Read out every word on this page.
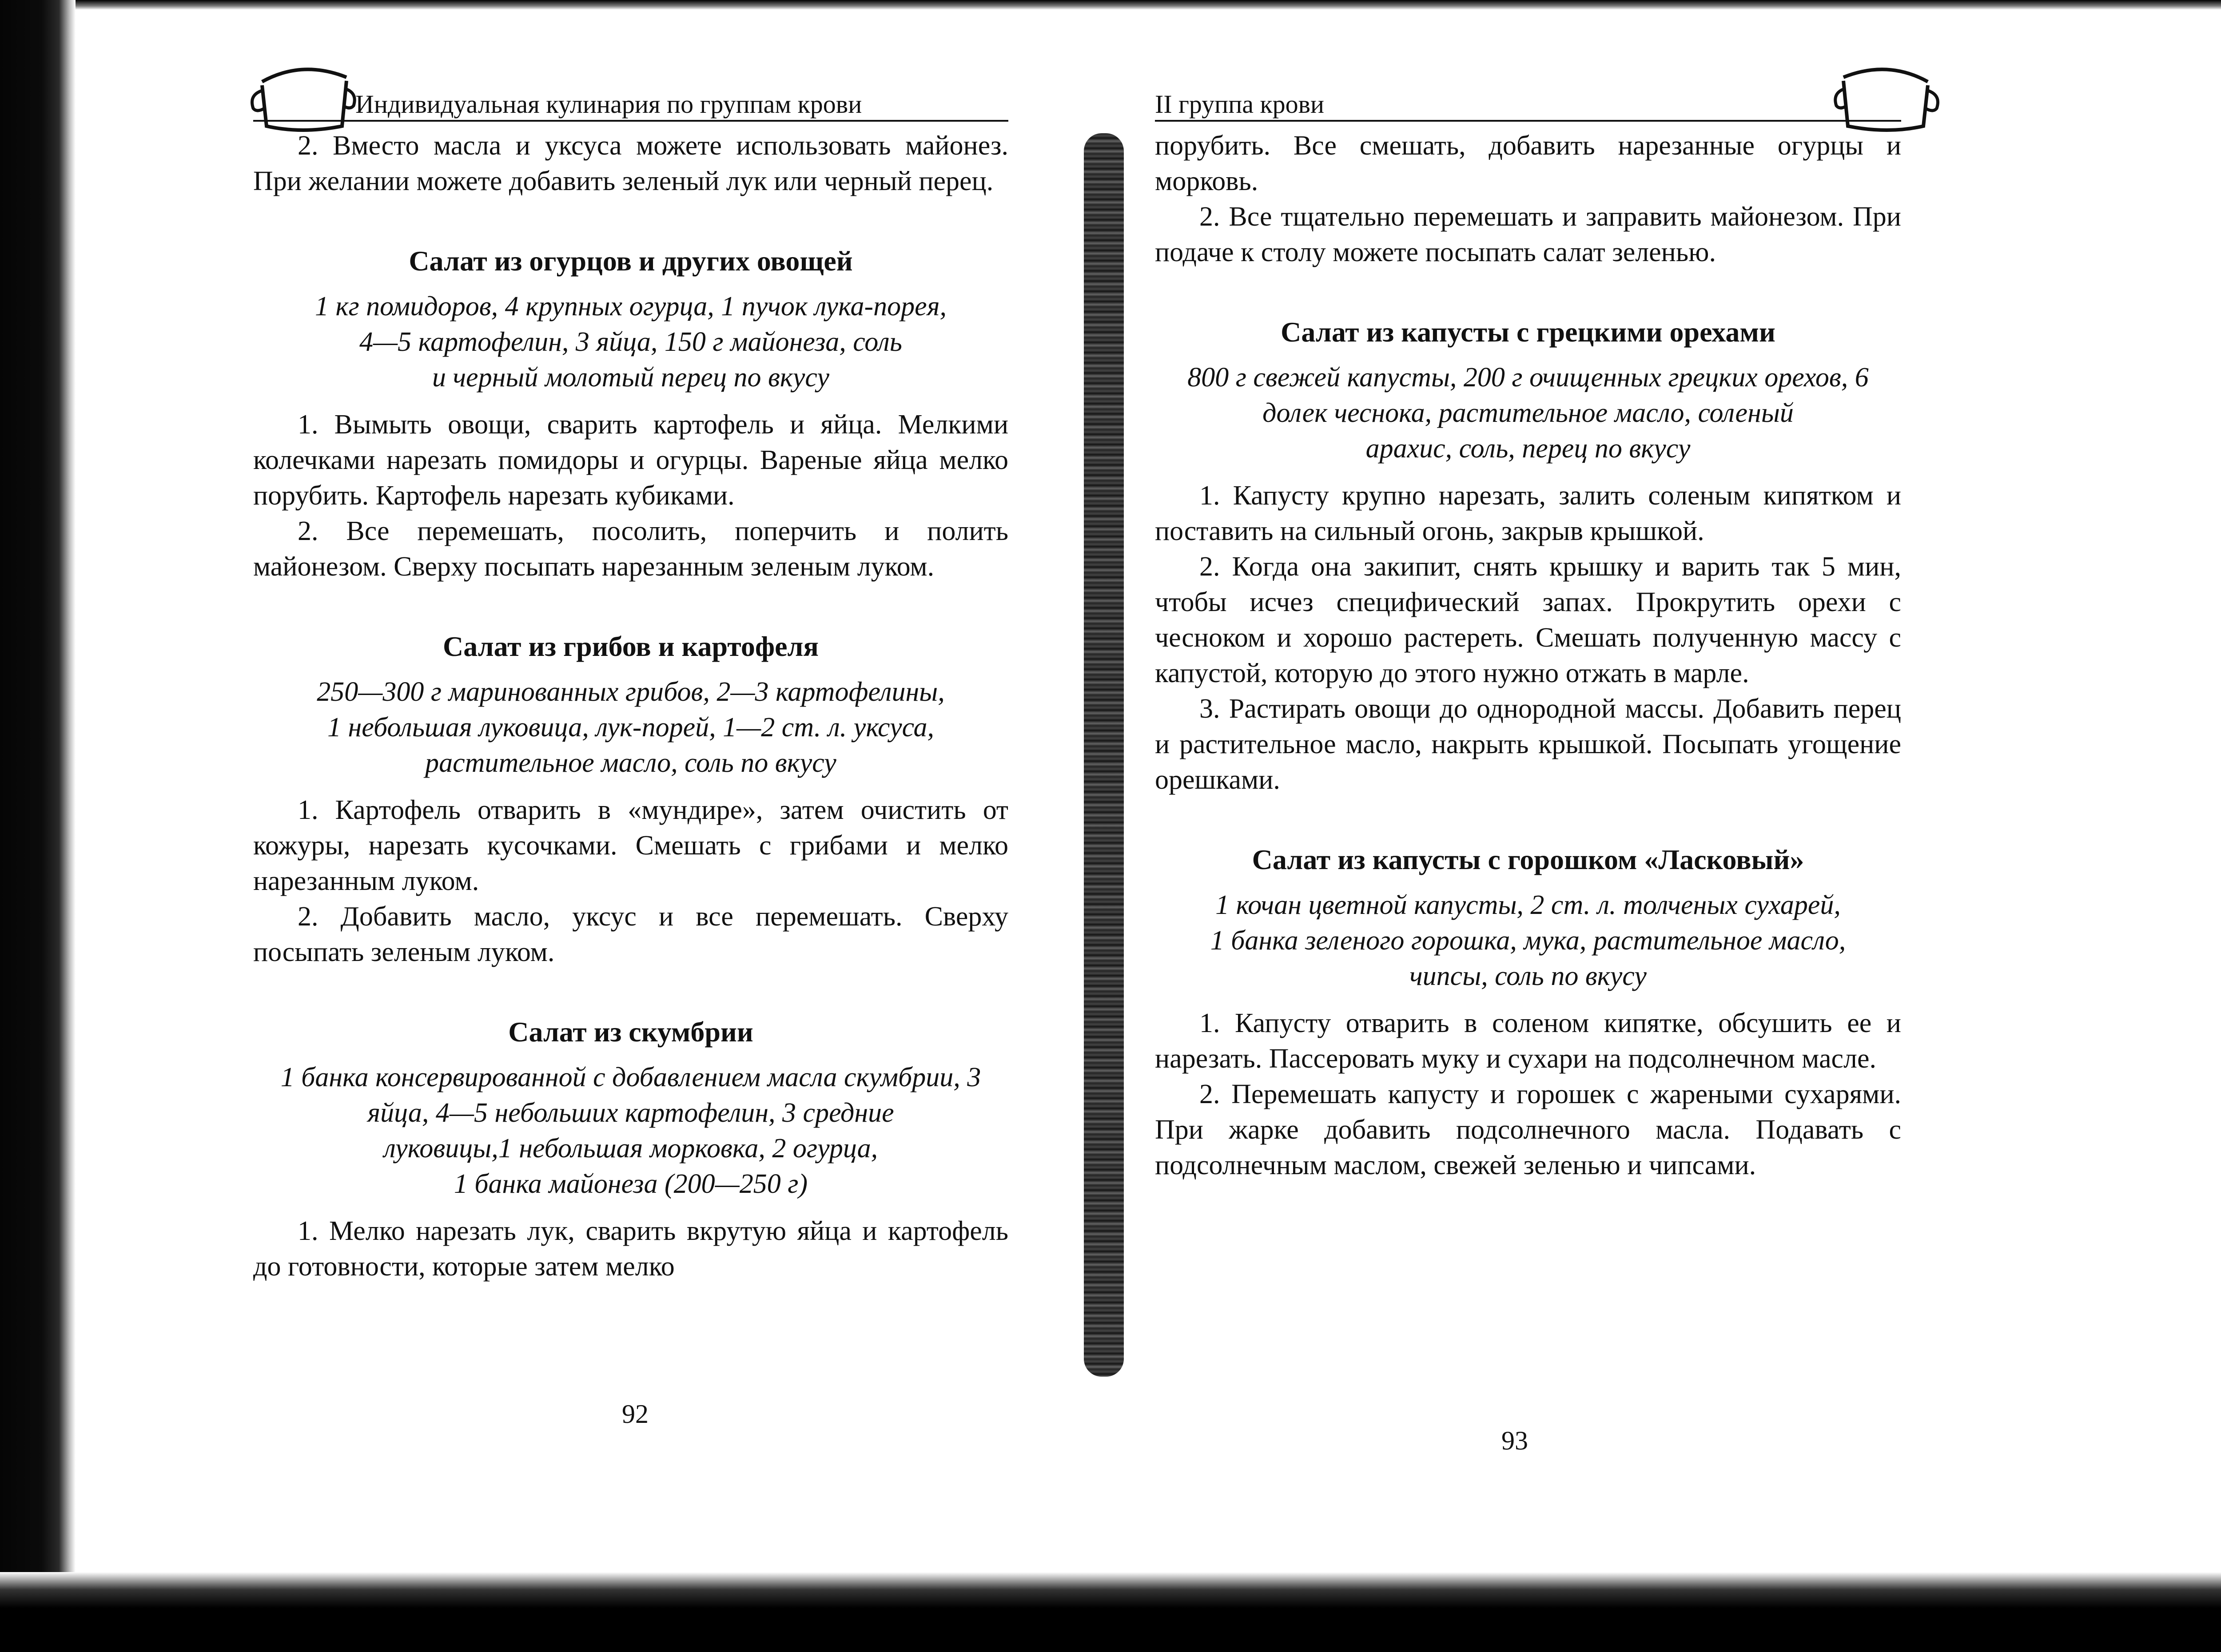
Индивидуальная кулинария по группам крови

2. Вместо масла и уксуса можете использовать майонез. При желании можете добавить зеленый лук или черный перец.

Салат из огурцов и других овощей
1 кг помидоров, 4 крупных огурца, 1 пучок лука-порея,
4—5 картофелин, 3 яйца, 150 г майонеза, соль
и черный молотый перец по вкусу

1. Вымыть овощи, сварить картофель и яйца. Мелкими колечками нарезать помидоры и огурцы. Вареные яйца мелко порубить. Картофель нарезать кубиками.

2. Все перемешать, посолить, поперчить и полить майонезом. Сверху посыпать нарезанным зеленым луком.

Салат из грибов и картофеля
250—300 г маринованных грибов, 2—3 картофелины,
1 небольшая луковица, лук-порей, 1—2 ст. л. уксуса,
растительное масло, соль по вкусу

1. Картофель отварить в «мундире», затем очистить от кожуры, нарезать кусочками. Смешать с грибами и мелко нарезанным луком.

2. Добавить масло, уксус и все перемешать. Сверху посыпать зеленым луком.

Салат из скумбрии
1 банка консервированной с добавлением масла скумбрии, 3 яйца, 4—5 небольших картофелин, 3 средние
луковицы,1 небольшая морковка, 2 огурца,
1 банка майонеза (200—250 г)

1. Мелко нарезать лук, сварить вкрутую яйца и картофель до готовности, которые затем мелко

92
II группа крови

порубить. Все смешать, добавить нарезанные огурцы и морковь.

2. Все тщательно перемешать и заправить майонезом. При подаче к столу можете посыпать салат зеленью.

Салат из капусты с грецкими орехами
800 г свежей капусты, 200 г очищенных грецких орехов, 6 долек чеснока, растительное масло, соленый
арахис, соль, перец по вкусу

1. Капусту крупно нарезать, залить соленым кипятком и поставить на сильный огонь, закрыв крышкой.

2. Когда она закипит, снять крышку и варить так 5 мин, чтобы исчез специфический запах. Прокрутить орехи с чесноком и хорошо растереть. Смешать полученную массу с капустой, которую до этого нужно отжать в марле.

3. Растирать овощи до однородной массы. Добавить перец и растительное масло, накрыть крышкой. Посыпать угощение орешками.

Салат из капусты с горошком «Ласковый»
1 кочан цветной капусты, 2 ст. л. толченых сухарей,
1 банка зеленого горошка, мука, растительное масло,
чипсы, соль по вкусу

1. Капусту отварить в соленом кипятке, обсушить ее и нарезать. Пассеровать муку и сухари на подсолнечном масле.

2. Перемешать капусту и горошек с жареными сухарями. При жарке добавить подсолнечного масла. Подавать с подсолнечным маслом, свежей зеленью и чипсами.

93
